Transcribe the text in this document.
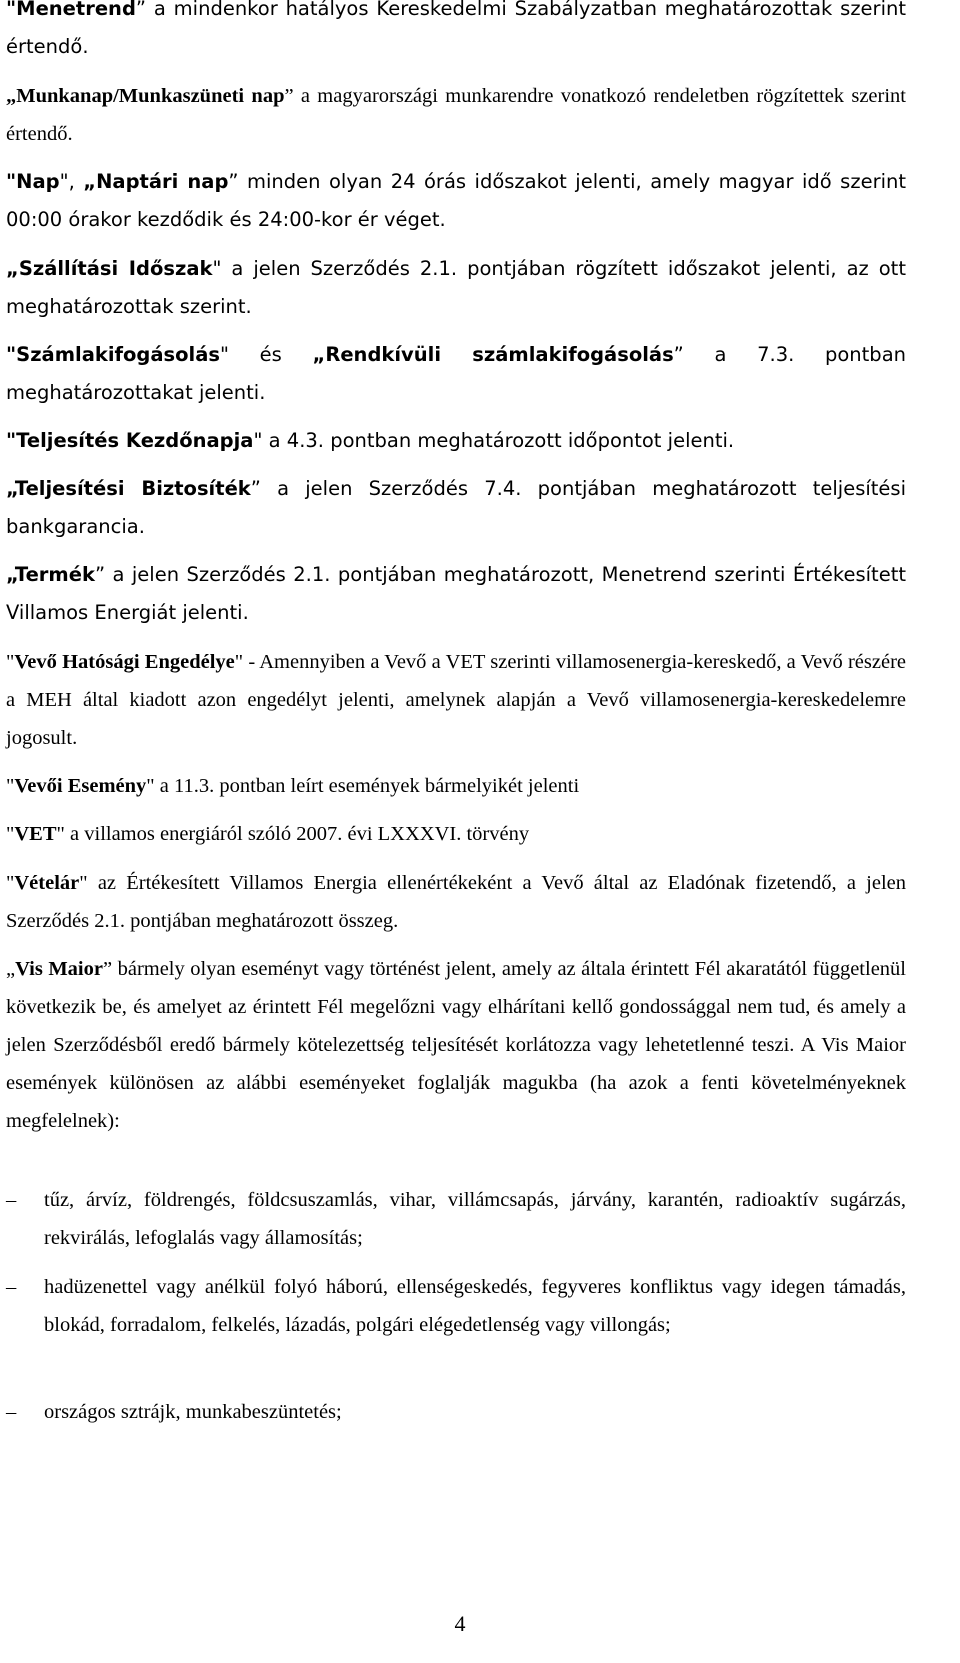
"Menetrend” a mindenkor hatályos Kereskedelmi Szabályzatban meghatározottak szerint értendő.

„Munkanap/Munkaszüneti nap” a magyarországi munkarendre vonatkozó rendeletben rögzítettek szerint értendő.

"Nap", „Naptári nap” minden olyan 24 órás időszakot jelenti, amely magyar idő szerint 00:00 órakor kezdődik és 24:00-kor ér véget.

„Szállítási Időszak" a jelen Szerződés 2.1. pontjában rögzített időszakot jelenti, az ott meghatározottak szerint.

"Számlakifogásolás" és „Rendkívüli számlakifogásolás” a 7.3. pontban meghatározottakat jelenti.

"Teljesítés Kezdőnapja" a 4.3. pontban meghatározott időpontot jelenti.

„Teljesítési Biztosíték” a jelen Szerződés 7.4. pontjában meghatározott teljesítési bankgarancia.

„Termék” a jelen Szerződés 2.1. pontjában meghatározott, Menetrend szerinti Értékesített Villamos Energiát jelenti.

"Vevő Hatósági Engedélye" - Amennyiben a Vevő a VET szerinti villamosenergia-kereskedő, a Vevő részére a MEH által kiadott azon engedélyt jelenti, amelynek alapján a Vevő villamosenergia-kereskedelemre jogosult.

"Vevői Esemény" a 11.3. pontban leírt események bármelyikét jelenti

"VET" a villamos energiáról szóló 2007. évi LXXXVI. törvény

"Vételár" az Értékesített Villamos Energia ellenértékeként a Vevő által az Eladónak fizetendő, a jelen Szerződés 2.1. pontjában meghatározott összeg.

„Vis Maior” bármely olyan eseményt vagy történést jelent, amely az általa érintett Fél akaratától függetlenül következik be, és amelyet az érintett Fél megelőzni vagy elhárítani kellő gondossággal nem tud, és amely a jelen Szerződésből eredő bármely kötelezettség teljesítését korlátozza vagy lehetetlenné teszi. A Vis Maior események különösen az alábbi eseményeket foglalják magukba (ha azok a fenti követelményeknek megfelelnek):

– tűz, árvíz, földrengés, földcsuszamlás, vihar, villámcsapás, járvány, karantén, radioaktív sugárzás, rekvirálás, lefoglalás vagy államosítás;

– hadüzenettel vagy anélkül folyó háború, ellenségeskedés, fegyveres konfliktus vagy idegen támadás, blokád, forradalom, felkelés, lázadás, polgári elégedetlenség vagy villongás;

– országos sztrájk, munkabeszüntetés;

4
